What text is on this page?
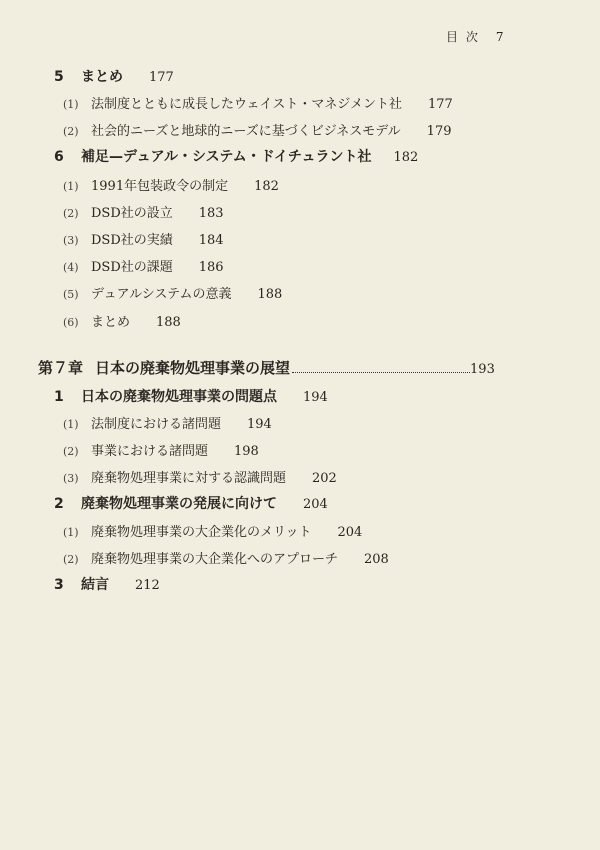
目 次 7
5 まとめ 177
(1) 法制度とともに成長したウェイスト・マネジメント社 177
(2) 社会的ニーズと地球的ニーズに基づくビジネスモデル 179
6 補足—デュアル・システム・ドイチュラント社 182
(1) 1991年包装政令の制定 182
(2) DSD社の設立 183
(3) DSD社の実績 184
(4) DSD社の課題 186
(5) デュアルシステムの意義 188
(6) まとめ 188
第７章 日本の廃棄物処理事業の展望	193
1 日本の廃棄物処理事業の問題点 194
(1) 法制度における諸問題 194
(2) 事業における諸問題 198
(3) 廃棄物処理事業に対する認識問題 202
2 廃棄物処理事業の発展に向けて 204
(1) 廃棄物処理事業の大企業化のメリット 204
(2) 廃棄物処理事業の大企業化へのアプローチ 208
3 結言 212
